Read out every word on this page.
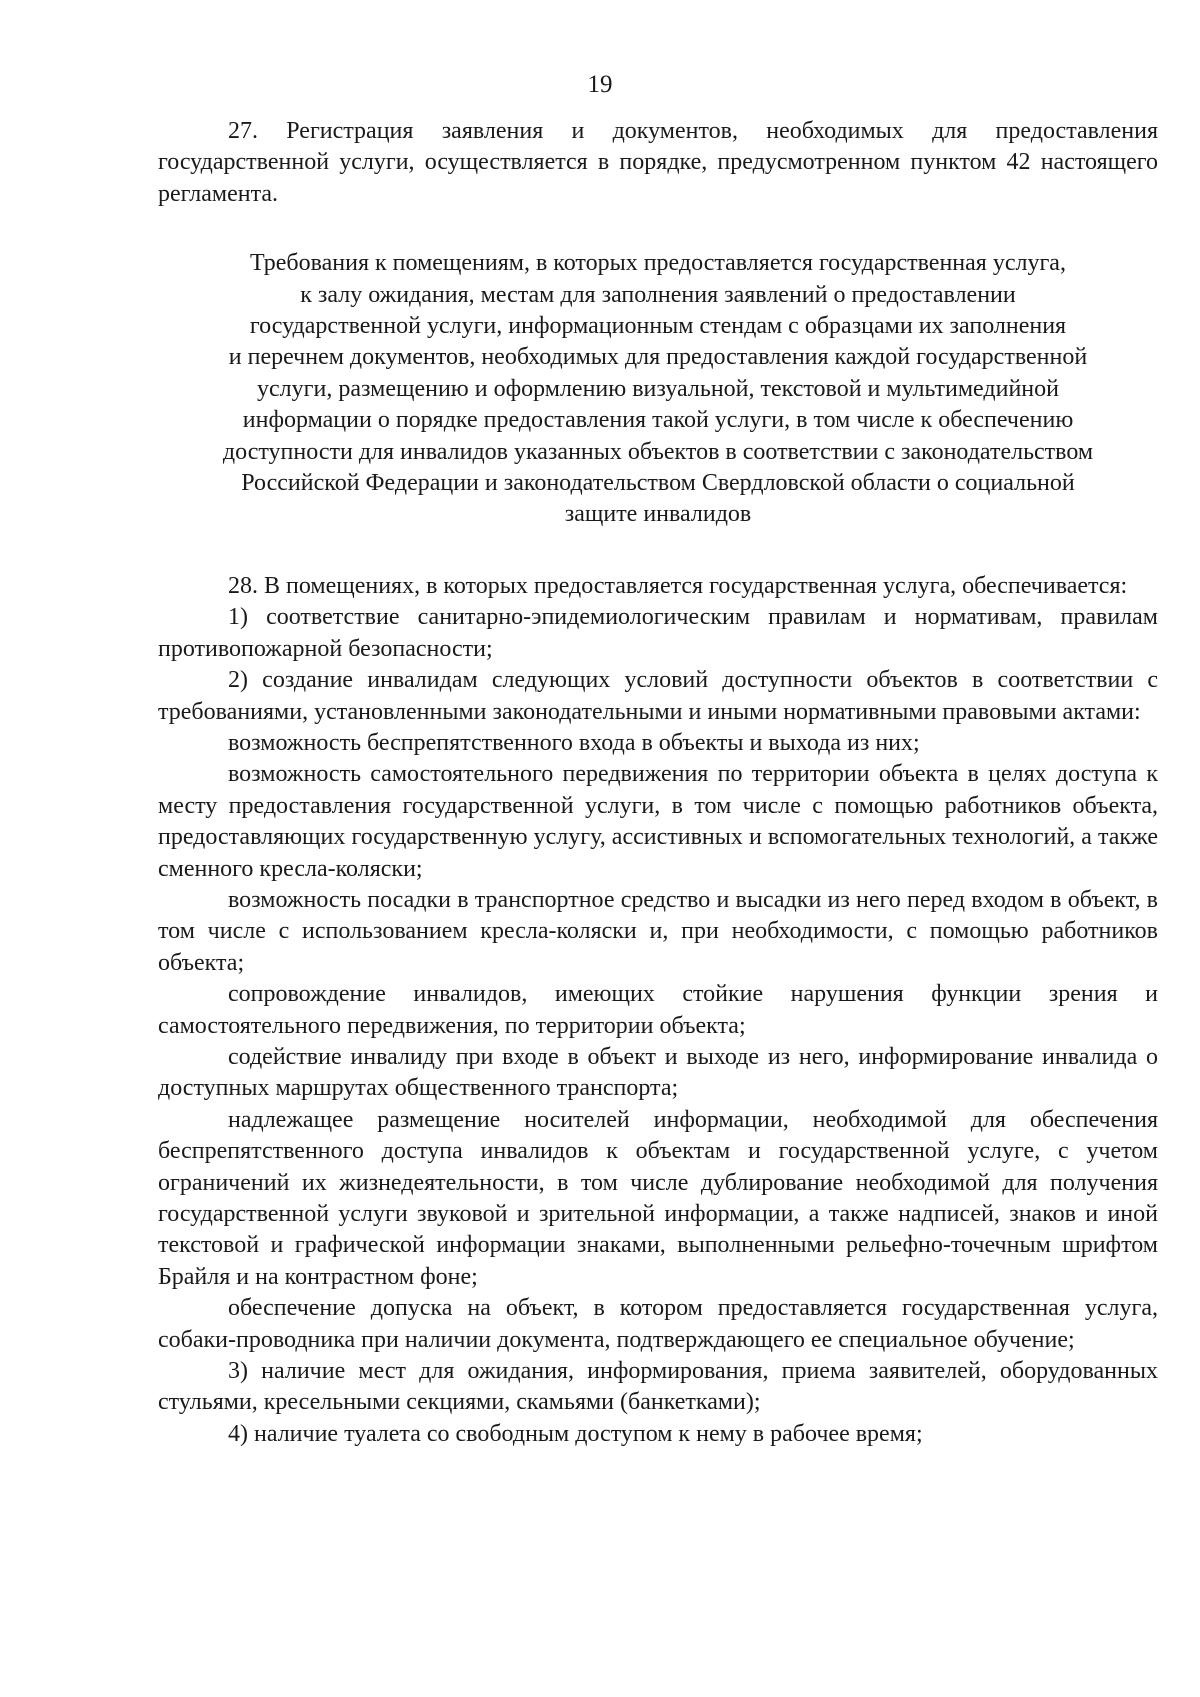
19

27. Регистрация заявления и документов, необходимых для предоставления государственной услуги, осуществляется в порядке, предусмотренном пунктом 42 настоящего регламента.

Требования к помещениям, в которых предоставляется государственная услуга,
к залу ожидания, местам для заполнения заявлений о предоставлении
государственной услуги, информационным стендам с образцами их заполнения
и перечнем документов, необходимых для предоставления каждой государственной
услуги, размещению и оформлению визуальной, текстовой и мультимедийной
информации о порядке предоставления такой услуги, в том числе к обеспечению
доступности для инвалидов указанных объектов в соответствии с законодательством
Российской Федерации и законодательством Свердловской области о социальной
защите инвалидов

28. В помещениях, в которых предоставляется государственная услуга, обеспечивается:

1) соответствие санитарно-эпидемиологическим правилам и нормативам, правилам противопожарной безопасности;

2) создание инвалидам следующих условий доступности объектов в соответствии с требованиями, установленными законодательными и иными нормативными правовыми актами:

возможность беспрепятственного входа в объекты и выхода из них;

возможность самостоятельного передвижения по территории объекта в целях доступа к месту предоставления государственной услуги, в том числе с помощью работников объекта, предоставляющих государственную услугу, ассистивных и вспомогательных технологий, а также сменного кресла-коляски;

возможность посадки в транспортное средство и высадки из него перед входом в объект, в том числе с использованием кресла-коляски и, при необходимости, с помощью работников объекта;

сопровождение инвалидов, имеющих стойкие нарушения функции зрения и самостоятельного передвижения, по территории объекта;

содействие инвалиду при входе в объект и выходе из него, информирование инвалида о доступных маршрутах общественного транспорта;

надлежащее размещение носителей информации, необходимой для обеспечения беспрепятственного доступа инвалидов к объектам и государственной услуге, с учетом ограничений их жизнедеятельности, в том числе дублирование необходимой для получения государственной услуги звуковой и зрительной информации, а также надписей, знаков и иной текстовой и графической информации знаками, выполненными рельефно-точечным шрифтом Брайля и на контрастном фоне;

обеспечение допуска на объект, в котором предоставляется государственная услуга, собаки-проводника при наличии документа, подтверждающего ее специальное обучение;

3) наличие мест для ожидания, информирования, приема заявителей, оборудованных стульями, кресельными секциями, скамьями (банкетками);

4) наличие туалета со свободным доступом к нему в рабочее время;
